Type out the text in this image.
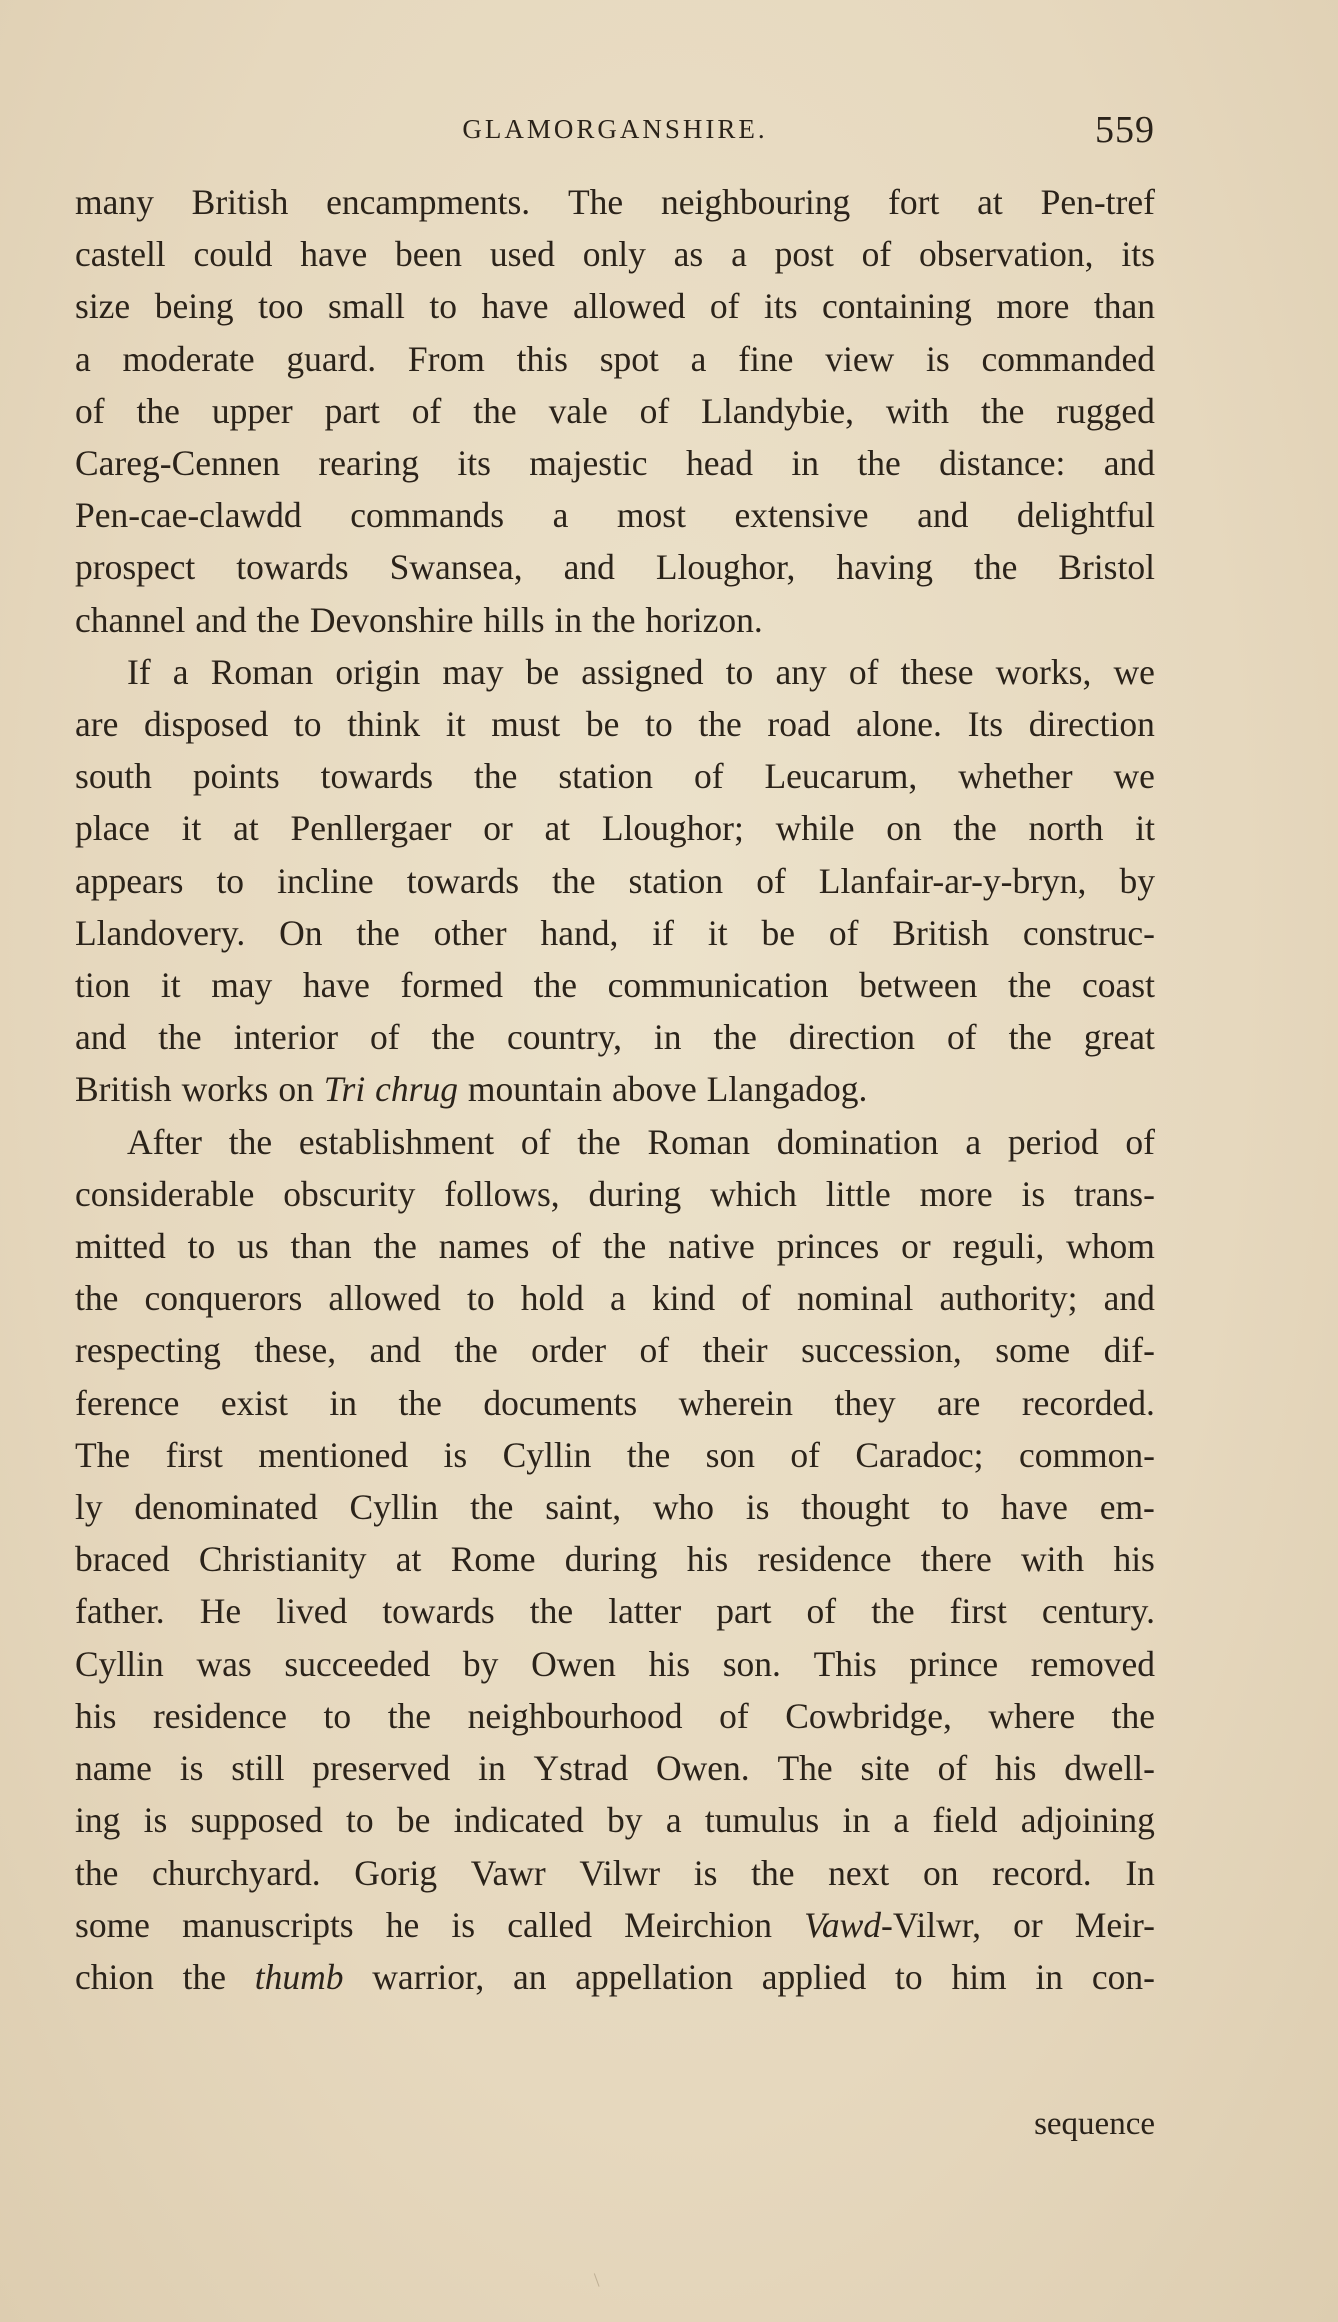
GLAMORGANSHIRE.	559
many British encampments. The neighbouring fort at Pen-tref
castell could have been used only as a post of observation, its
size being too small to have allowed of its containing more than
a moderate guard. From this spot a fine view is commanded
of the upper part of the vale of Llandybie, with the rugged
Careg-Cennen rearing its majestic head in the distance: and
Pen-cae-clawdd commands a most extensive and delightful
prospect towards Swansea, and Lloughor, having the Bristol
channel and the Devonshire hills in the horizon.
If a Roman origin may be assigned to any of these works, we
are disposed to think it must be to the road alone. Its direction
south points towards the station of Leucarum, whether we
place it at Penllergaer or at Lloughor; while on the north it
appears to incline towards the station of Llanfair-ar-y-bryn, by
Llandovery. On the other hand, if it be of British construc-
tion it may have formed the communication between the coast
and the interior of the country, in the direction of the great
British works on Tri chrug mountain above Llangadog.
After the establishment of the Roman domination a period of
considerable obscurity follows, during which little more is trans-
mitted to us than the names of the native princes or reguli, whom
the conquerors allowed to hold a kind of nominal authority; and
respecting these, and the order of their succession, some dif-
ference exist in the documents wherein they are recorded.
The first mentioned is Cyllin the son of Caradoc; common-
ly denominated Cyllin the saint, who is thought to have em-
braced Christianity at Rome during his residence there with his
father. He lived towards the latter part of the first century.
Cyllin was succeeded by Owen his son. This prince removed
his residence to the neighbourhood of Cowbridge, where the
name is still preserved in Ystrad Owen. The site of his dwell-
ing is supposed to be indicated by a tumulus in a field adjoining
the churchyard. Gorig Vawr Vilwr is the next on record. In
some manuscripts he is called Meirchion Vawd-Vilwr, or Meir-
chion the thumb warrior, an appellation applied to him in con-
sequence
